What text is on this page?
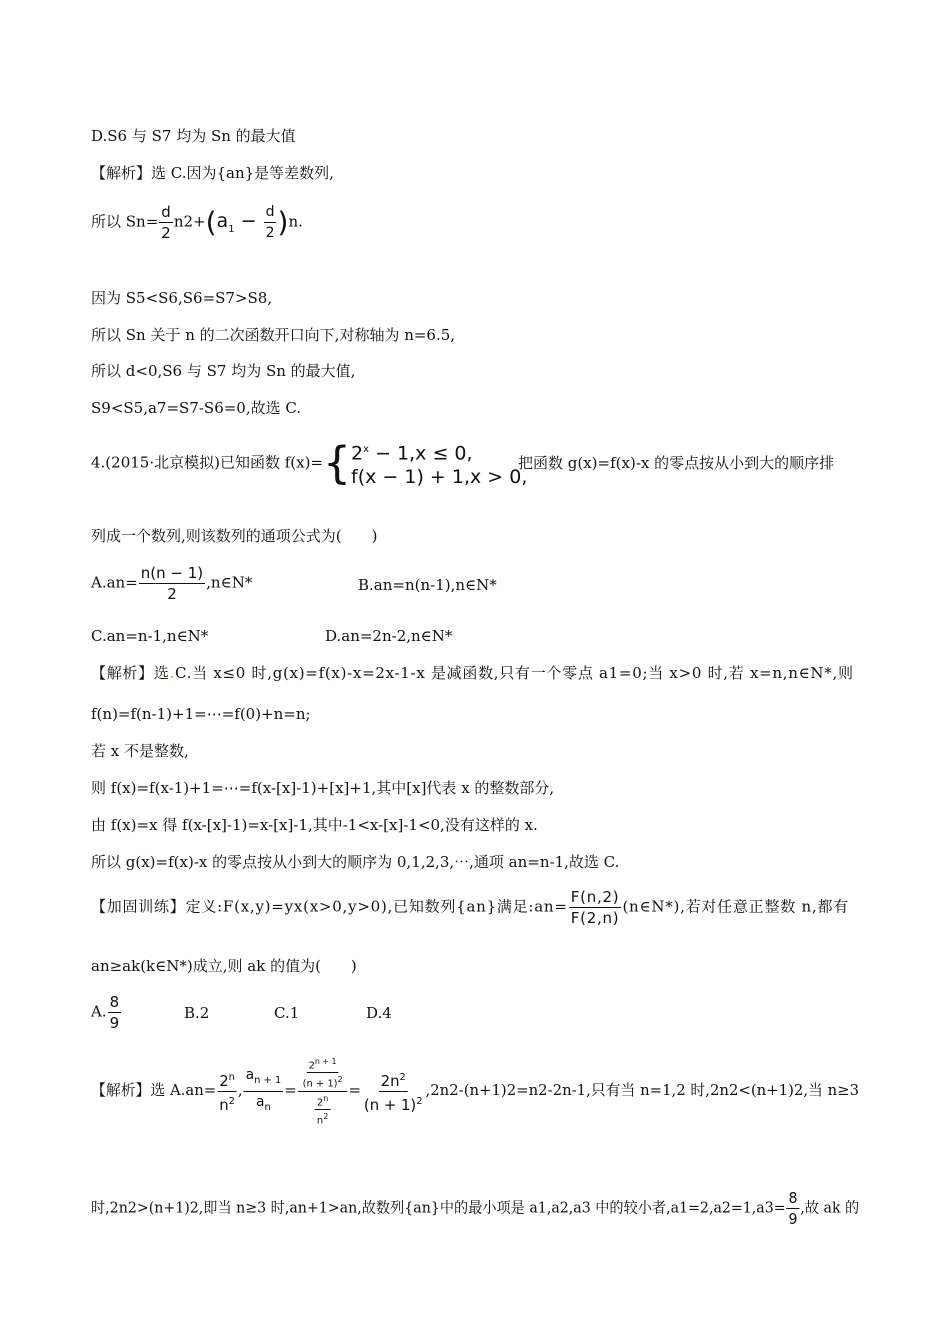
D.S6 与 S7 均为 Sn 的最大值
【解析】选 C.因为{an}是等差数列,
所以 $Sn= \frac{d}{2} n2+(a_1 - \frac{d}{2} )n$.
因为 S5<S6,S6=S7>S8,
所以 Sn 关于 n 的二次函数开口向下,对称轴为 n=6.5,
所以 d<0,S6 与 S7 均为 Sn 的最大值,
S9<S5,a7=S7-S6=0,故选 C.
4.(2015·北京模拟)已知函数 f(x)={ $2^x - 1,x \le 0$,
f(x − 1) + 1,x > 0,
把函数 g(x)=f(x)-x 的零点按从小到大的顺序排
列成一个数列,则该数列的通项公式为(　　)
$A.an= \frac{n(n - 1)}{2}$ ,n∈N*	B.an=n(n-1),n∈N*
C.an=n-1,n∈N*	D.an=2n-2,n∈N*
【解析】选.C.当 x≤0 时,g(x)=f(x)-x=2x-1-x 是减函数,只有一个零点 a1=0;当 x>0 时,若 x=n,n∈N*,则
f(n)=f(n-1)+1=⋯=f(0)+n=n;
若 x 不是整数,
则 f(x)=f(x-1)+1=⋯=f(x-[x]-1)+[x]+1,其中[x]代表 x 的整数部分,
由 f(x)=x 得 f(x-[x]-1)=x-[x]-1,其中-1<x-[x]-1<0,没有这样的 x.
所以 g(x)=f(x)-x 的零点按从小到大的顺序为 0,1,2,3,⋯,通项 an=n-1,故选 C.
【加固训练】定义:F(x,y)=yx(x>0,y>0),已知数列{an}满足:an= $\frac{F(n,2)}{F(2,n)}$ (n∈N*),若对任意正整数 n,都有
an≥ak(k∈N*)成立,则 ak 的值为(　　)
A. $\frac{8}{9}$	B.2	C.1	D.4
【解析】选 $A.an= \frac{2^n}{n^2}$ , $\frac{a_{n + 1}}{a_n} = \frac{\frac{2^{n + 1}}{(n + 1)^2}}{\frac{2^n}{n^2}} = \frac{2n^2}{(n + 1)^2} ,2n2-(n+1)2=n2-2n-1$,只有当 n=1,2 时,2n2<(n+1)2,当 n≥3
时,2n2>(n+1)2,即当 n≥3 时,an+1>an,故数列{an}中的最小项是 a1,a2,a3 中的较小者$,a1=2,a2=1,a3= \frac{8}{9}$ ,故 ak 的
